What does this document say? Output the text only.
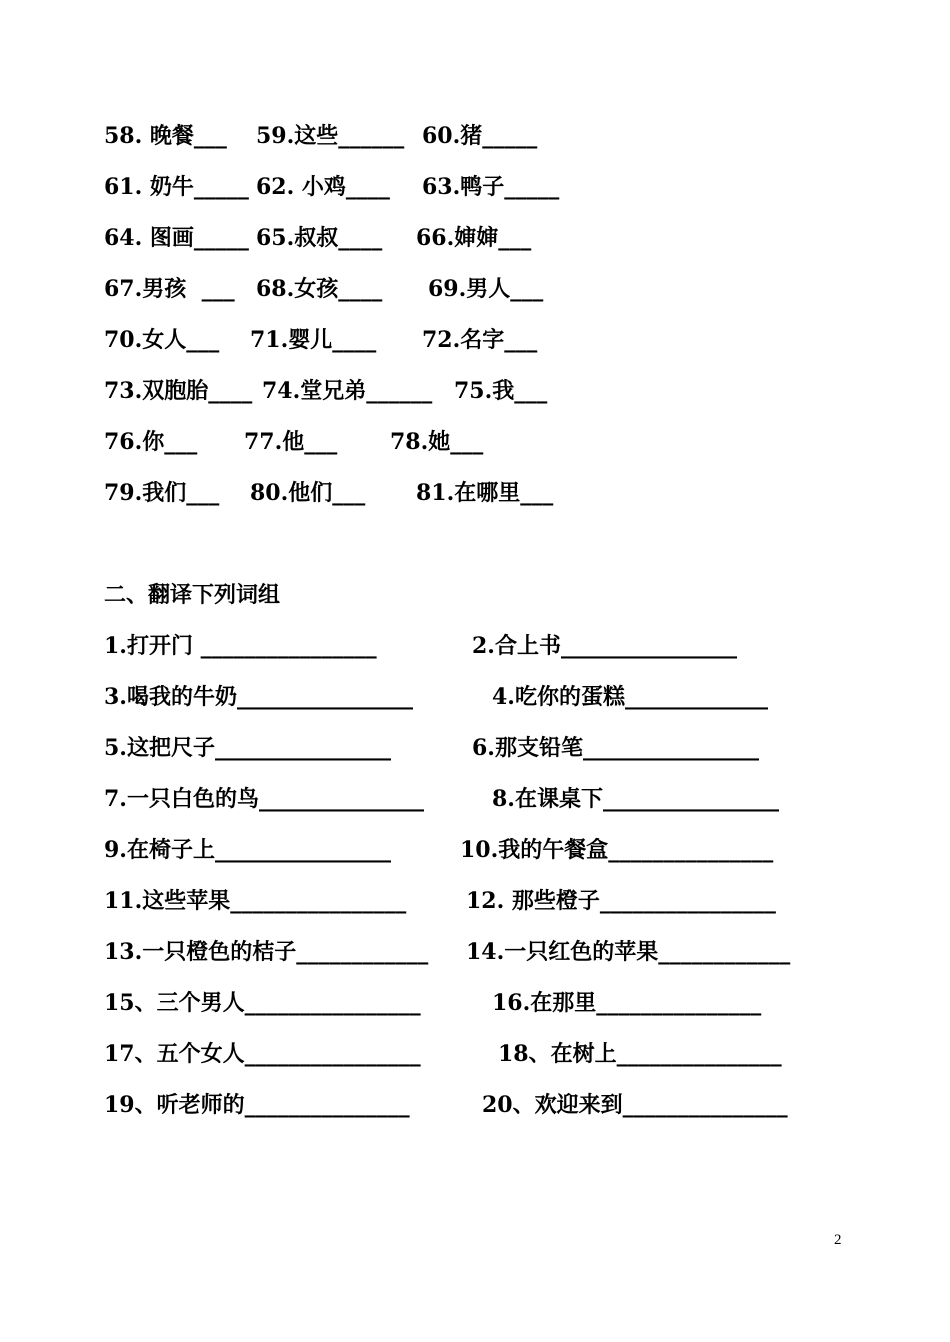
58. 晚餐___ 59.这些______ 60.猪_____
61. 奶牛_____ 62. 小鸡____ 63.鸭子_____
64. 图画_____ 65.叔叔____ 66.婶婶___
67.男孩  ___ 68.女孩____ 69.男人___
70.女人___ 71.婴儿____ 72.名字___
73.双胞胎____ 74.堂兄弟______ 75.我___
76.你___ 77.他___ 78.她___
79.我们___ 80.他们___ 81.在哪里___
二、翻译下列词组
1.打开门 ________________	2.合上书________________
3.喝我的牛奶________________	4.吃你的蛋糕_____________
5.这把尺子________________	6.那支铅笔________________
7.一只白色的鸟_______________	8.在课桌下________________
9.在椅子上________________	10.我的午餐盒_______________
11.这些苹果________________	12. 那些橙子________________
13.一只橙色的桔子____________ 14.一只红色的苹果____________
15、三个男人________________	16.在那里_______________
17、五个女人________________	18、在树上_______________
19、听老师的_______________	20、欢迎来到_______________
2
